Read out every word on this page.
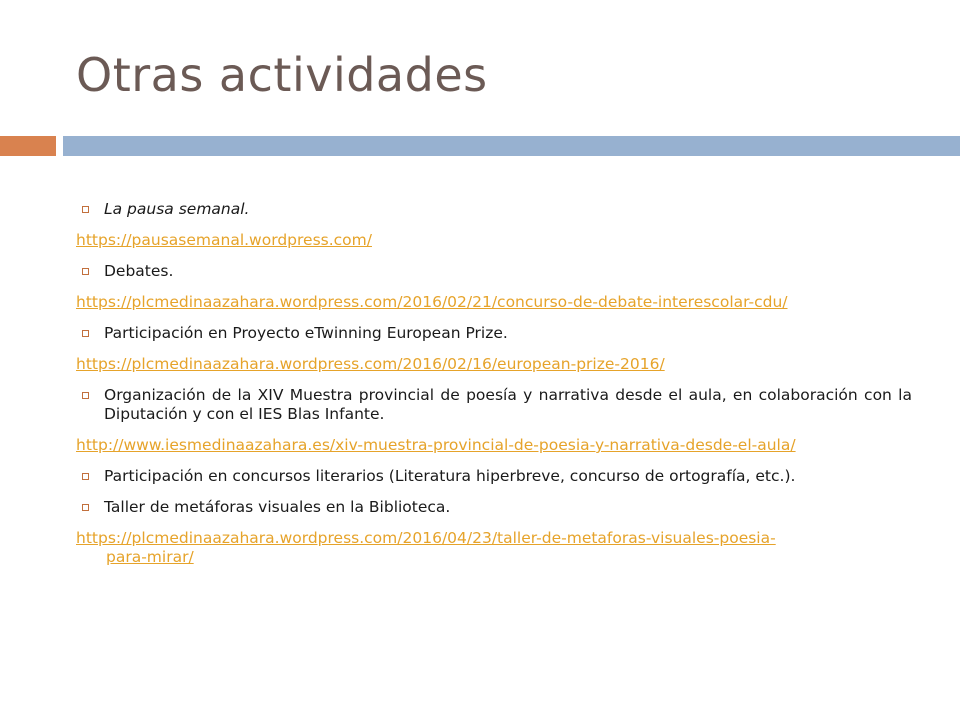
Otras actividades
La pausa semanal.
https://pausasemanal.wordpress.com/
Debates.
https://plcmedinaazahara.wordpress.com/2016/02/21/concurso-de-debate-interescolar-cdu/
Participación en Proyecto eTwinning European Prize.
https://plcmedinaazahara.wordpress.com/2016/02/16/european-prize-2016/
Organización de la XIV Muestra provincial de poesía y narrativa desde el aula, en colaboración con la Diputación y con el IES Blas Infante.
http://www.iesmedinaazahara.es/xiv-muestra-provincial-de-poesia-y-narrativa-desde-el-aula/
Participación en concursos literarios (Literatura hiperbreve, concurso de ortografía, etc.).
Taller de metáforas visuales en la Biblioteca.
https://plcmedinaazahara.wordpress.com/2016/04/23/taller-de-metaforas-visuales-poesia-
para-mirar/
